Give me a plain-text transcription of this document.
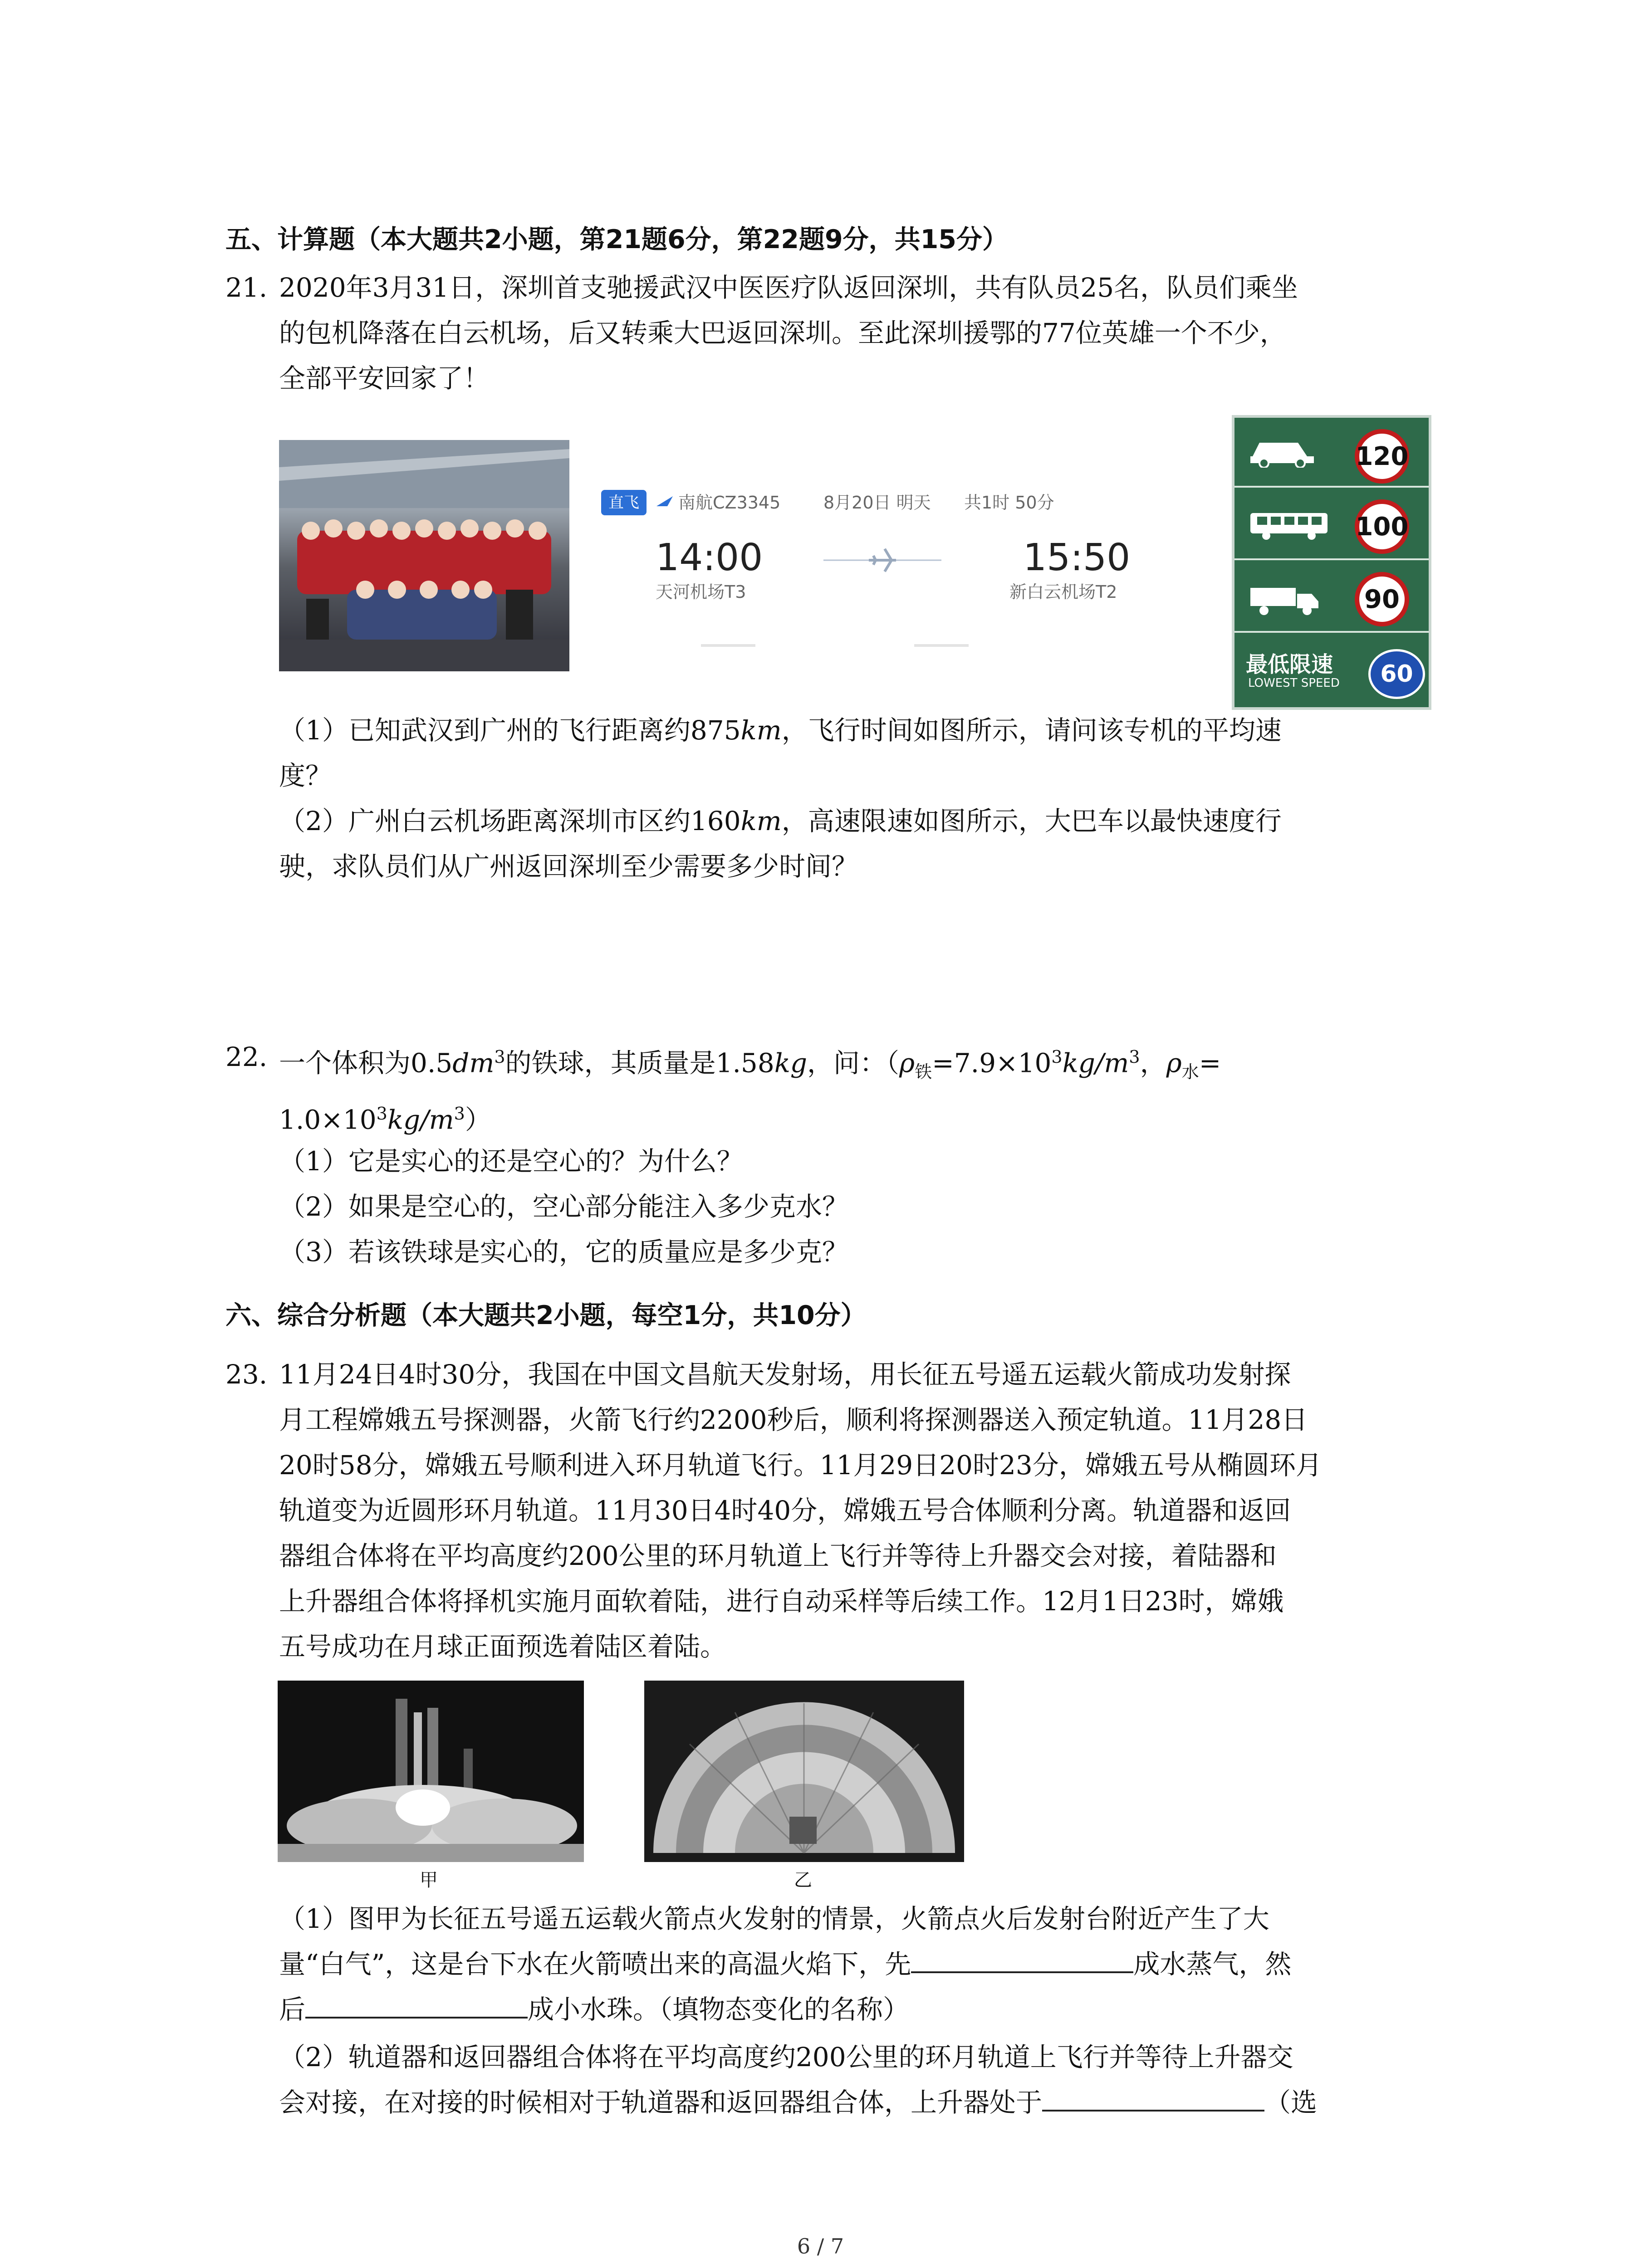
五、计算题（本大题共2小题，第21题6分，第22题9分，共15分）
21. 2020年3月31日，深圳首支驰援武汉中医医疗队返回深圳，共有队员25名，队员们乘坐
的包机降落在白云机场，后又转乘大巴返回深圳。至此深圳援鄂的77位英雄一个不少，
全部平安回家了！
直飞	南航CZ3345 8月20日 明天 共1时 50分
14:00
天河机场T3
15:50
新白云机场T2
120
100
90
最低限速
LOWEST SPEED	60
（1）已知武汉到广州的飞行距离约875km，飞行时间如图所示，请问该专机的平均速
度？
（2）广州白云机场距离深圳市区约160km，高速限速如图所示，大巴车以最快速度行
驶，求队员们从广州返回深圳至少需要多少时间？
22. 一个体积为$0.5dm^3$的铁球，其质量是1.58kg，问：（$\rho_铁=7.9\times 10^3kg/m^3$，$\rho_水=$
$1.0\times 10^3kg/m^3$）
（1）它是实心的还是空心的？为什么？
（2）如果是空心的，空心部分能注入多少克水？
（3）若该铁球是实心的，它的质量应是多少克？
六、综合分析题（本大题共2小题，每空1分，共10分）
23. 11月24日4时30分，我国在中国文昌航天发射场，用长征五号遥五运载火箭成功发射探
月工程嫦娥五号探测器，火箭飞行约2200秒后，顺利将探测器送入预定轨道。11月28日
20时58分，嫦娥五号顺利进入环月轨道飞行。11月29日20时23分，嫦娥五号从椭圆环月
轨道变为近圆形环月轨道。11月30日4时40分，嫦娥五号合体顺利分离。轨道器和返回
器组合体将在平均高度约200公里的环月轨道上飞行并等待上升器交会对接，着陆器和
上升器组合体将择机实施月面软着陆，进行自动采样等后续工作。12月1日23时，嫦娥
五号成功在月球正面预选着陆区着陆。
甲	乙
（1）图甲为长征五号遥五运载火箭点火发射的情景，火箭点火后发射台附近产生了大
量“白气”，这是台下水在火箭喷出来的高温火焰下，先	成水蒸气，然
后	成小水珠。（填物态变化的名称）
（2）轨道器和返回器组合体将在平均高度约200公里的环月轨道上飞行并等待上升器交
会对接，在对接的时候相对于轨道器和返回器组合体，上升器处于	（选
6 / 7
